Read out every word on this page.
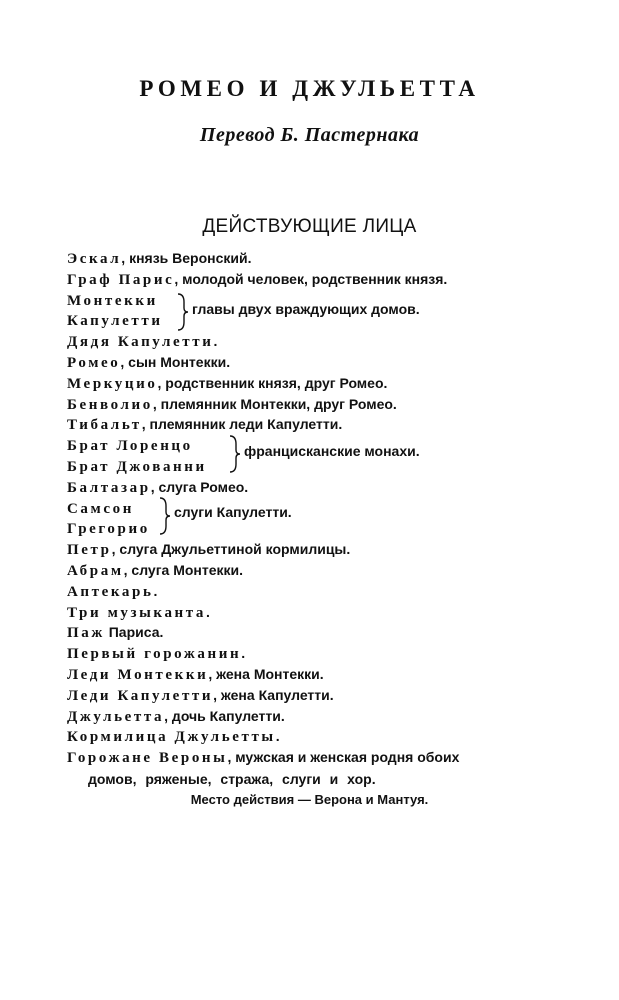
РОМЕО И ДЖУЛЬЕТТА
Перевод Б. Пастернака
ДЕЙСТВУЮЩИЕ ЛИЦА
Эскал, князь Веронский.
Граф Парис, молодой человек, родственник князя.
Монтекки
Капулетти
Дядя Капулетти.
Ромео, сын Монтекки.
Меркуцио, родственник князя, друг Ромео.
Бенволио, племянник Монтекки, друг Ромео.
Тибальт, племянник леди Капулетти.
Брат Лоренцо
Брат Джованни
Балтазар, слуга Ромео.
Самсон
Грегорио
Петр, слуга Джульеттиной кормилицы.
Абрам, слуга Монтекки.
Аптекарь.
Три музыканта.
Паж Париса.
Первый горожанин.
Леди Монтекки, жена Монтекки.
Леди Капулетти, жена Капулетти.
Джульетта, дочь Капулетти.
Кормилица Джульетты.
Горожане Вероны, мужская и женская родня обоих
домов, ряженые, стража, слуги и хор.
главы двух враждующих домов.
францисканские монахи.
слуги Капулетти.
Место действия — Верона и Мантуя.
